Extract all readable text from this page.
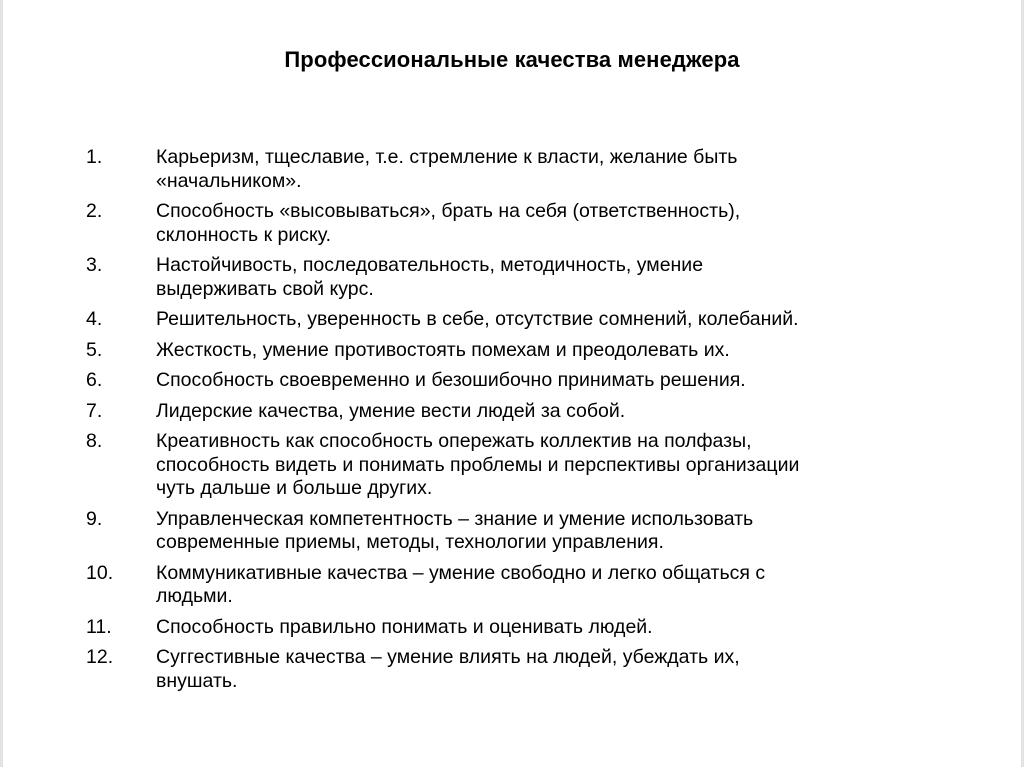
Профессиональные качества менеджера
1.	Карьеризм, тщеславие, т.е. стремление к власти, желание быть
«начальником».
2.	Способность «высовываться», брать на себя (ответственность),
склонность к риску.
3.	Настойчивость, последовательность, методичность, умение
выдерживать свой курс.
4.	Решительность, уверенность в себе, отсутствие сомнений, колебаний.
5.	Жесткость, умение противостоять помехам и преодолевать их.
6.	Способность своевременно и безошибочно принимать решения.
7.	Лидерские качества, умение вести людей за собой.
8.	Креативность как способность опережать коллектив на полфазы,
способность видеть и понимать проблемы и перспективы организации
чуть дальше и больше других.
9.	Управленческая компетентность – знание и умение использовать
современные приемы, методы, технологии управления.
10.	Коммуникативные качества – умение свободно и легко общаться с
людьми.
11.	Способность правильно понимать и оценивать людей.
12.	Суггестивные качества – умение влиять на людей, убеждать их,
внушать.
